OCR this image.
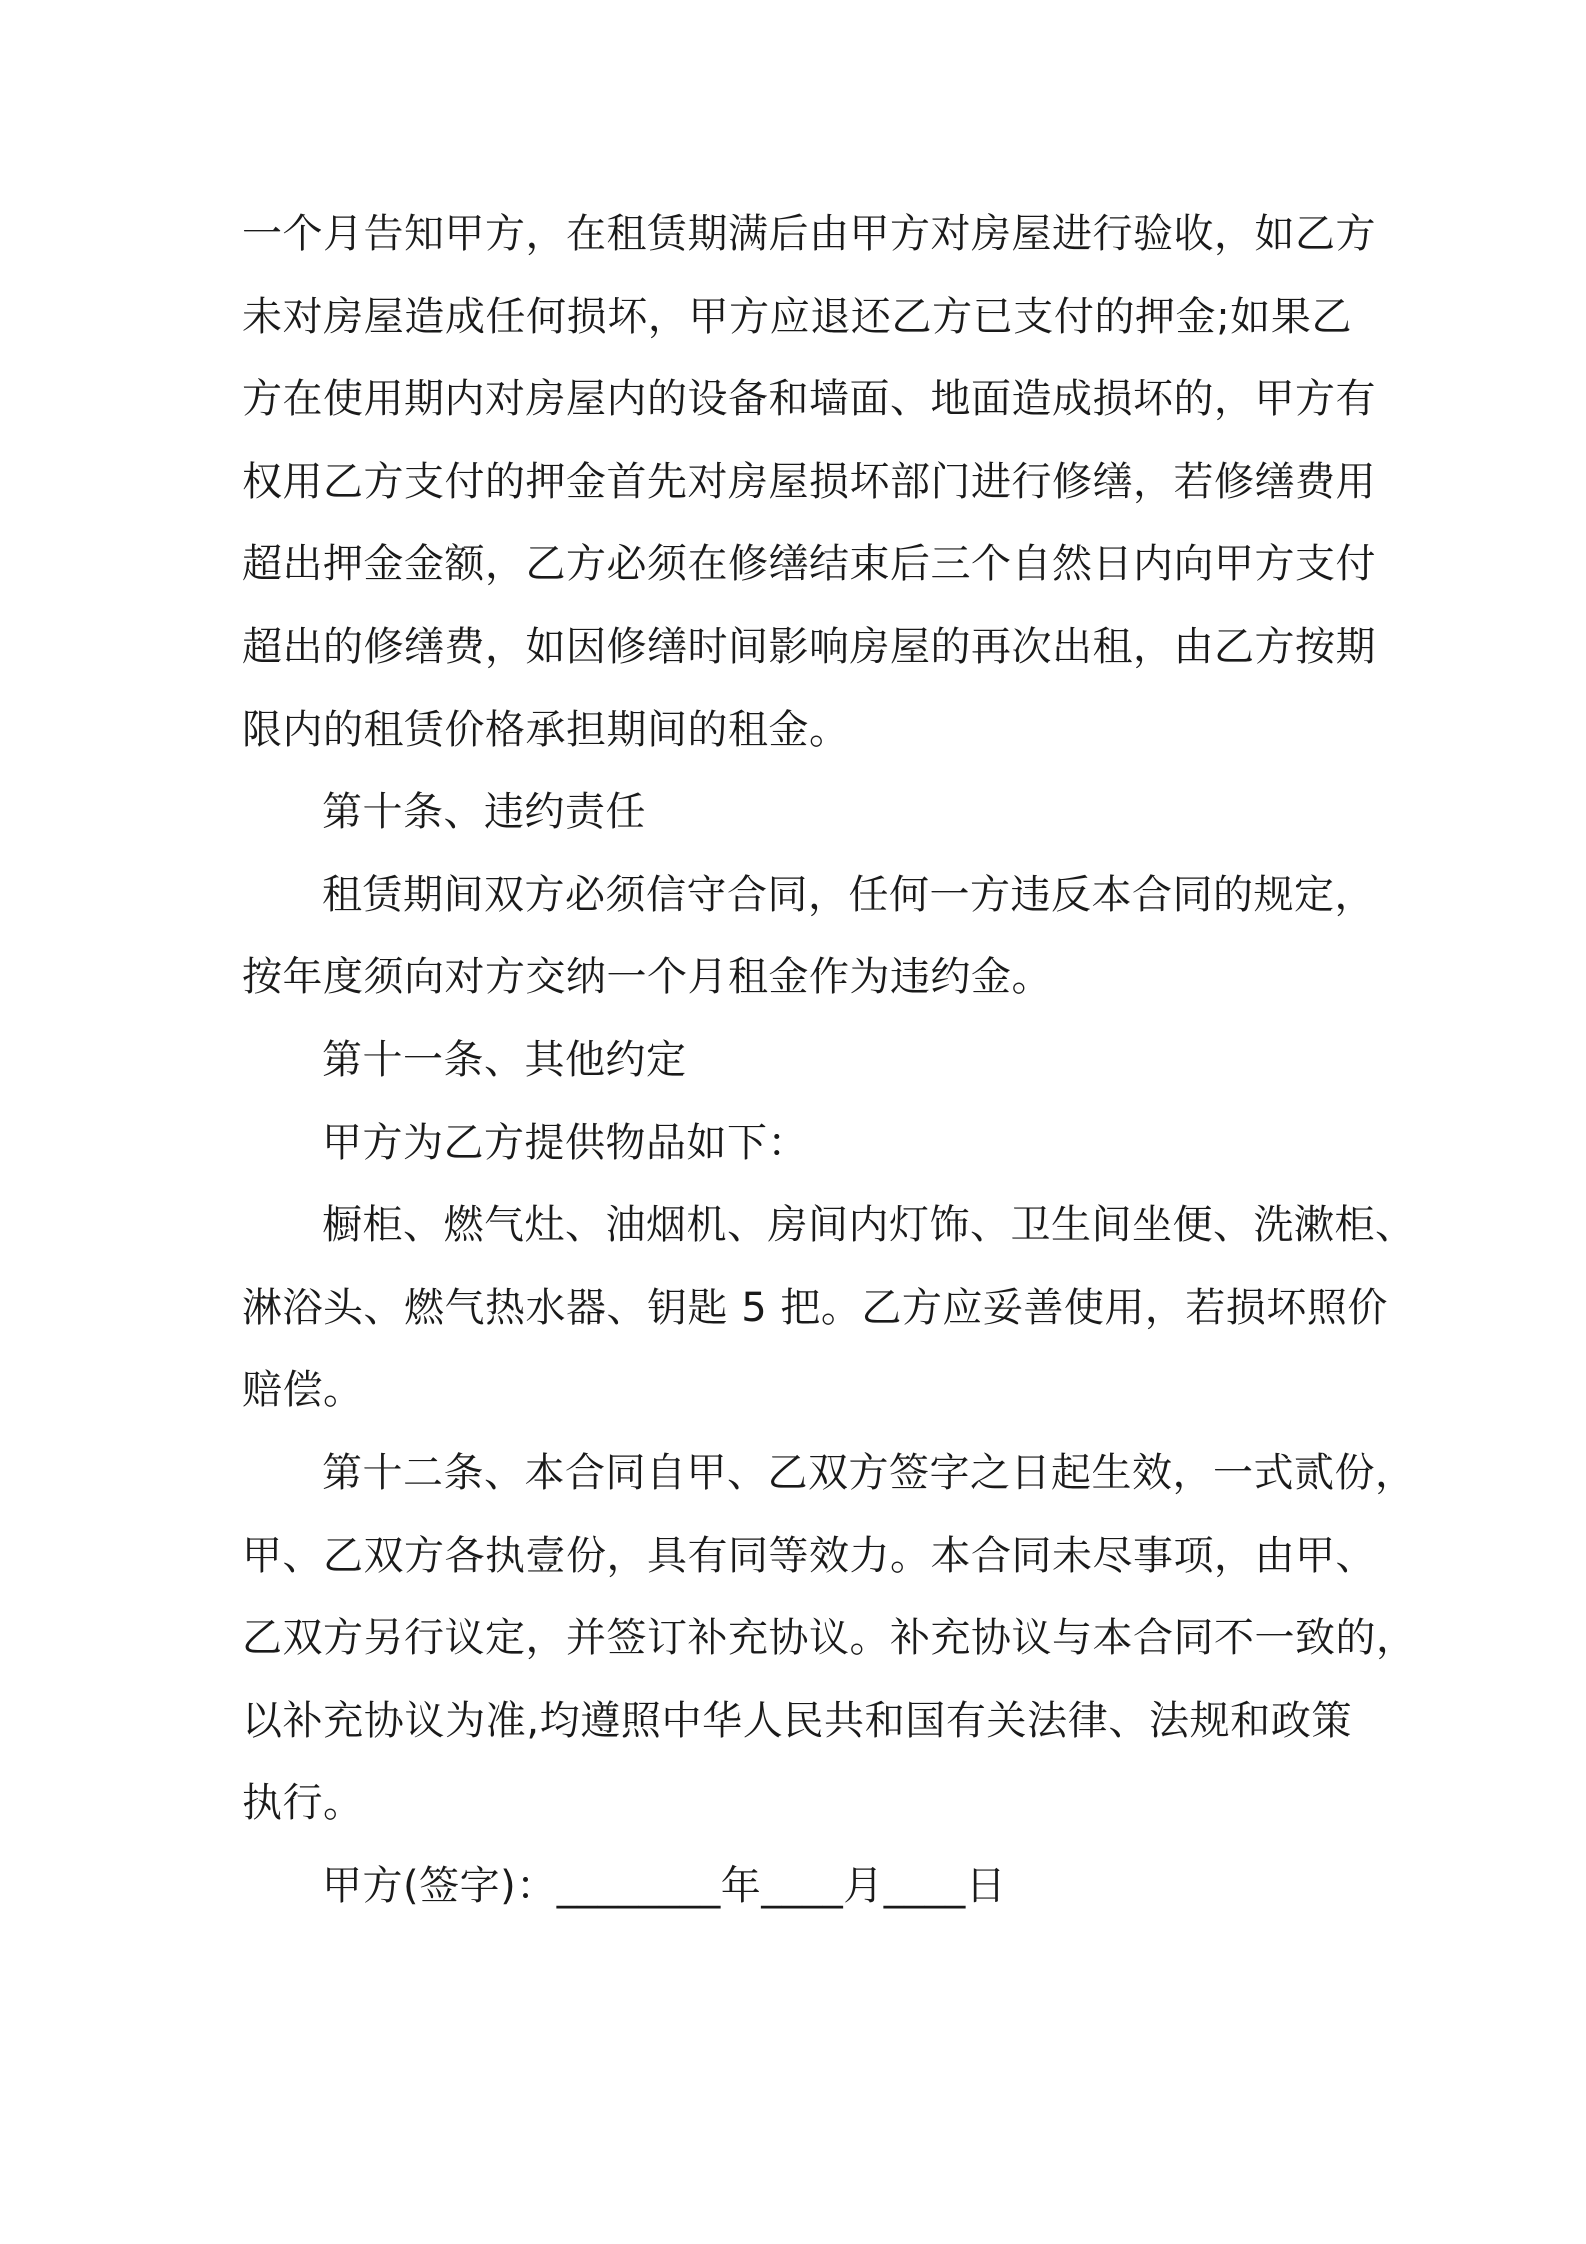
一个月告知甲方，在租赁期满后由甲方对房屋进行验收，如乙方
未对房屋造成任何损坏，甲方应退还乙方已支付的押金;如果乙
方在使用期内对房屋内的设备和墙面、地面造成损坏的，甲方有
权用乙方支付的押金首先对房屋损坏部门进行修缮，若修缮费用
超出押金金额，乙方必须在修缮结束后三个自然日内向甲方支付
超出的修缮费，如因修缮时间影响房屋的再次出租，由乙方按期
限内的租赁价格承担期间的租金。
第十条、违约责任
租赁期间双方必须信守合同，任何一方违反本合同的规定，
按年度须向对方交纳一个月租金作为违约金。
第十一条、其他约定
甲方为乙方提供物品如下：
橱柜、燃气灶、油烟机、房间内灯饰、卫生间坐便、洗漱柜、
淋浴头、燃气热水器、钥匙 5 把。乙方应妥善使用，若损坏照价
赔偿。
第十二条、本合同自甲、乙双方签字之日起生效，一式贰份，
甲、乙双方各执壹份，具有同等效力。本合同未尽事项，由甲、
乙双方另行议定，并签订补充协议。补充协议与本合同不一致的，
以补充协议为准,均遵照中华人民共和国有关法律、法规和政策
执行。
甲方(签字)：________年____月____日
